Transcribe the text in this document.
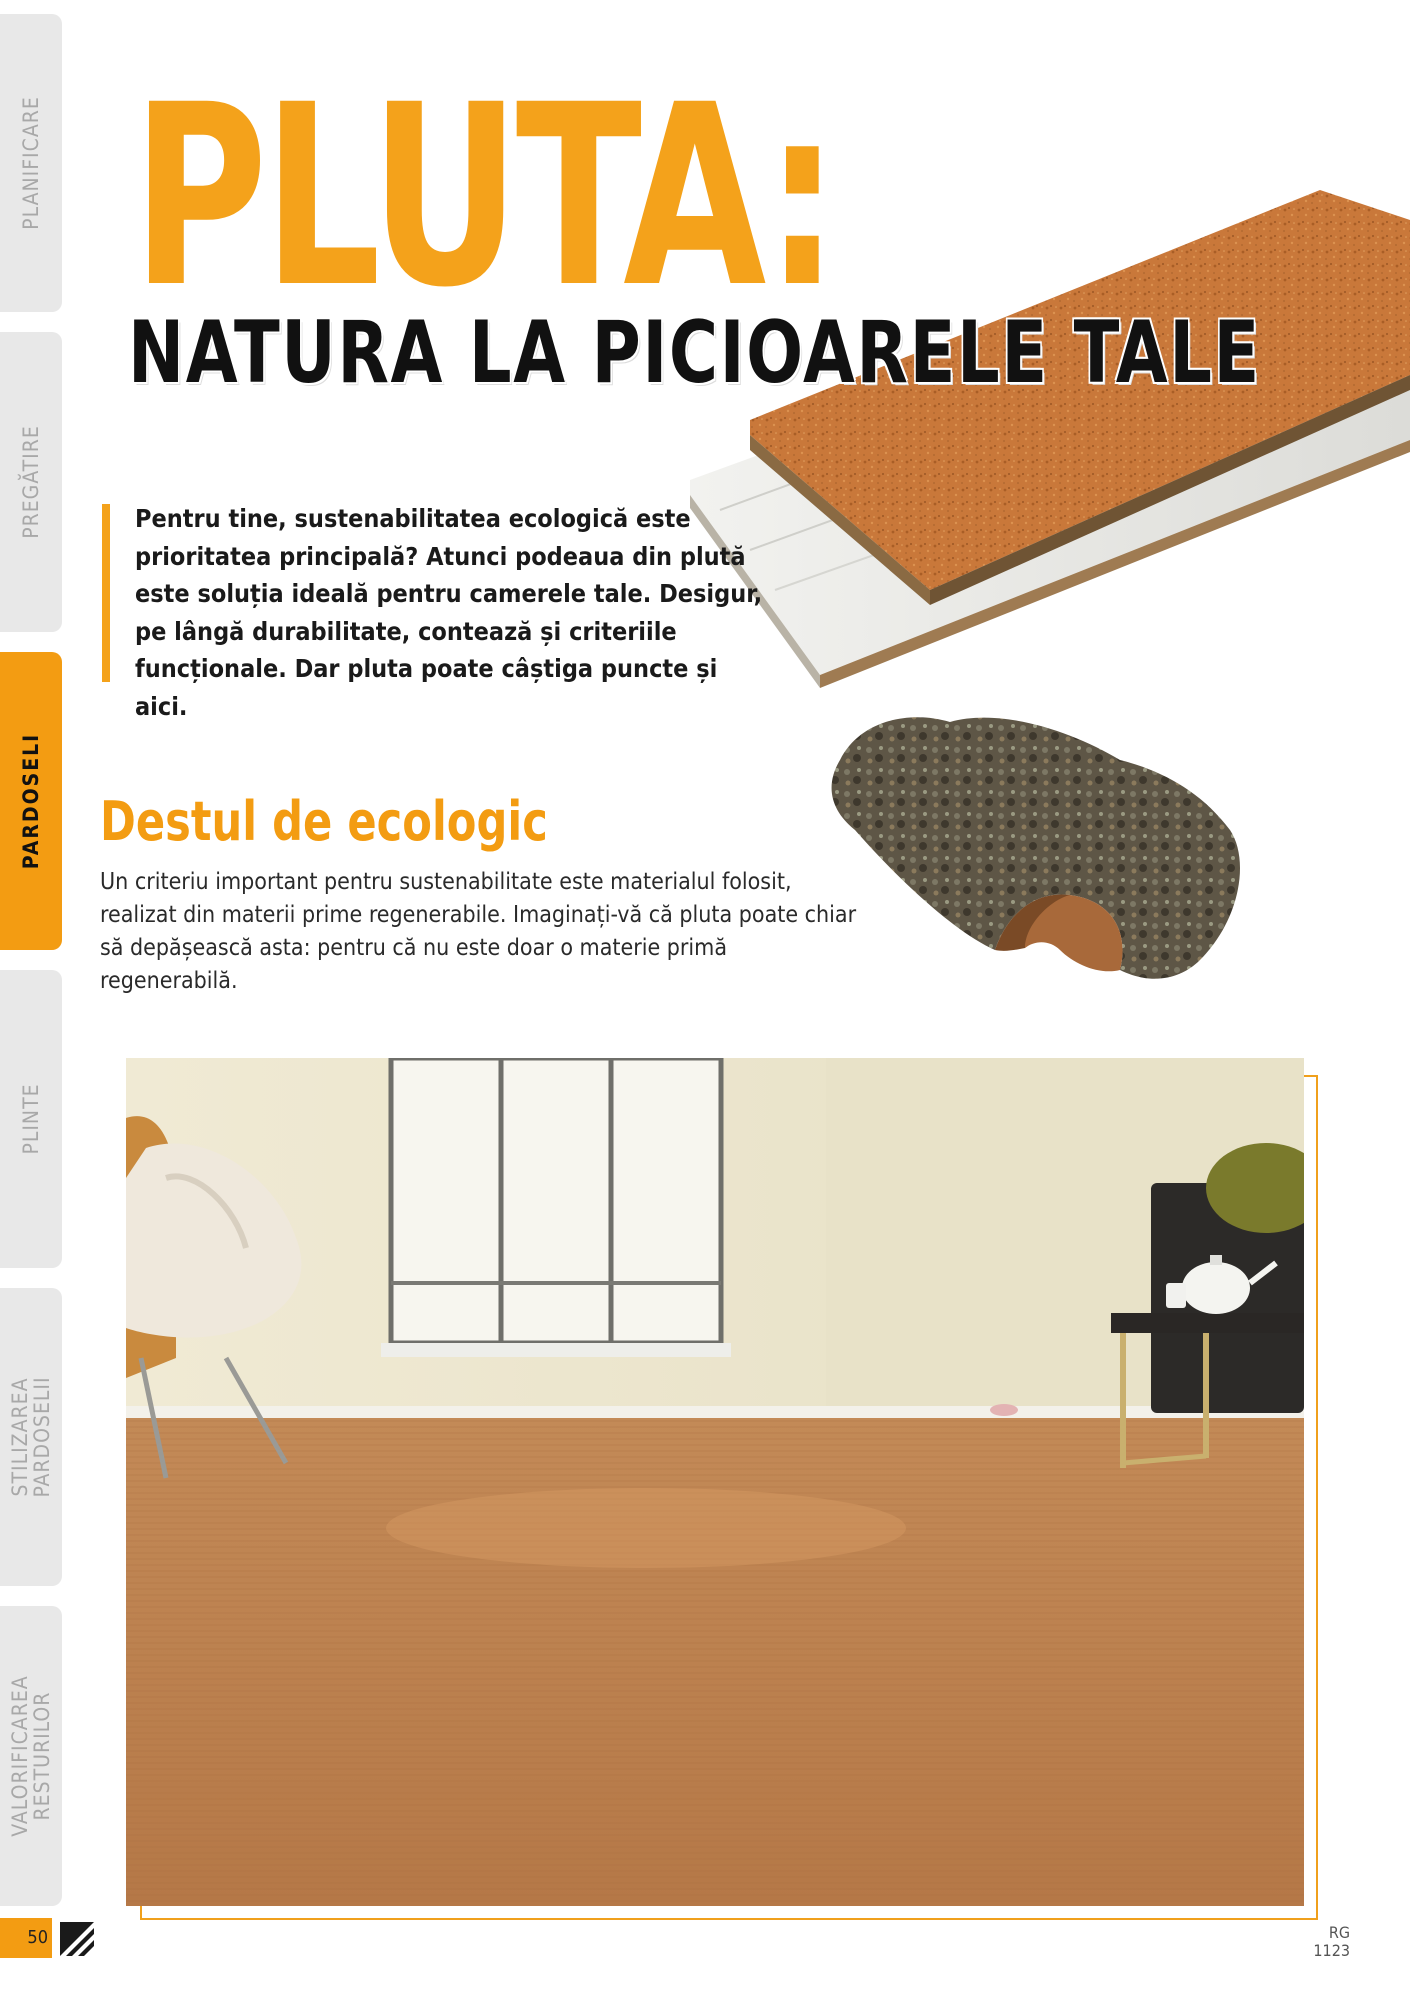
PLANIFICARE
PREGĂTIRE
PARDOSELI
PLINTE
STILIZAREA
PARDOSELII
VALORIFICAREA
RESTURILOR
PLUTA:
NATURA LA PICIOARELE TALE

Pentru tine, sustenabilitatea ecologică este prioritatea principală? Atunci podeaua din plută este soluția ideală pentru camerele tale. Desigur, pe lângă durabilitate, contează și criteriile funcționale. Dar pluta poate câștiga puncte și aici.

Destul de ecologic

Un criteriu important pentru sustenabilitate este materialul folosit, realizat din materii prime regenerabile. Imaginați-vă că pluta poate chiar să depășească asta: pentru că nu este doar o materie primă regenerabilă.

50	RG
1123
